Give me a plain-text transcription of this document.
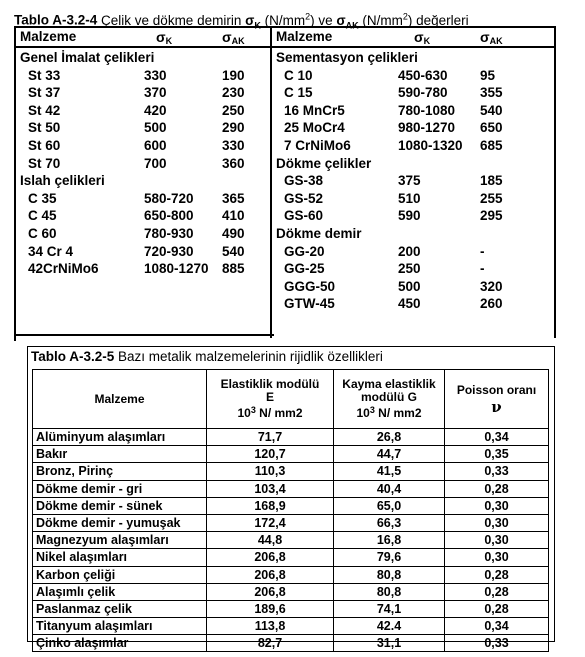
Tablo A-3.2-4 Çelik ve dökme demirin $\sigma_K$ $(N/mm^2)$ ve $\sigma_{AK}$ $(N/mm^2)$ değerleri
Malzeme	$\sigma_K$	$\sigma_{AK}$ Malzeme	$\sigma_K$	$\sigma_{AK}$
Genel İmalat çelikleri
St 33	330	190
St 37	370	230
St 42	420	250
St 50	500	290
St 60	600	330
St 70	700	360
Islah çelikleri
C 35	580-720 365
C 45	650-800 410
C 60	780-930 490
34 Cr 4	720-930 540
42CrNiMo6	1080-1270 885
Sementasyon çelikleri
C 10	450-630 95
C 15	590-780 355
16 MnCr5	780-1080 540
25 MoCr4	980-1270 650
7 CrNiMo6	1080-1320 685
Dökme çelikler
GS-38	375	185
GS-52	510	255
GS-60	590	295
Dökme demir
GG-20	200	-
GG-25	250	-
GGG-50	500	320
GTW-45	450	260
Tablo A-3.2-5 Bazı metalik malzemelerinin rijidlik özellikleri
Malzeme	Elastiklik modülü
E
$10^3$ N/ mm2	Kayma elastiklik
modülü G
$10^3$ N/ mm2	Poisson oranı
ν

Alüminyum alaşımları	71,7	26,8	0,34
Bakır	120,7	44,7	0,35
Bronz, Pirinç	110,3	41,5	0,33
Dökme demir - gri	103,4	40,4	0,28
Dökme demir - sünek	168,9	65,0	0,30
Dökme demir - yumuşak	172,4	66,3	0,30
Magnezyum alaşımları	44,8	16,8	0,30
Nikel alaşımları	206,8	79,6	0,30
Karbon çeliği	206,8	80,8	0,28
Alaşımlı çelik	206,8	80,8	0,28
Paslanmaz çelik	189,6	74,1	0,28
Titanyum alaşımları	113,8	42.4	0,34
Çinko alaşımlar	82,7	31,1	0,33
